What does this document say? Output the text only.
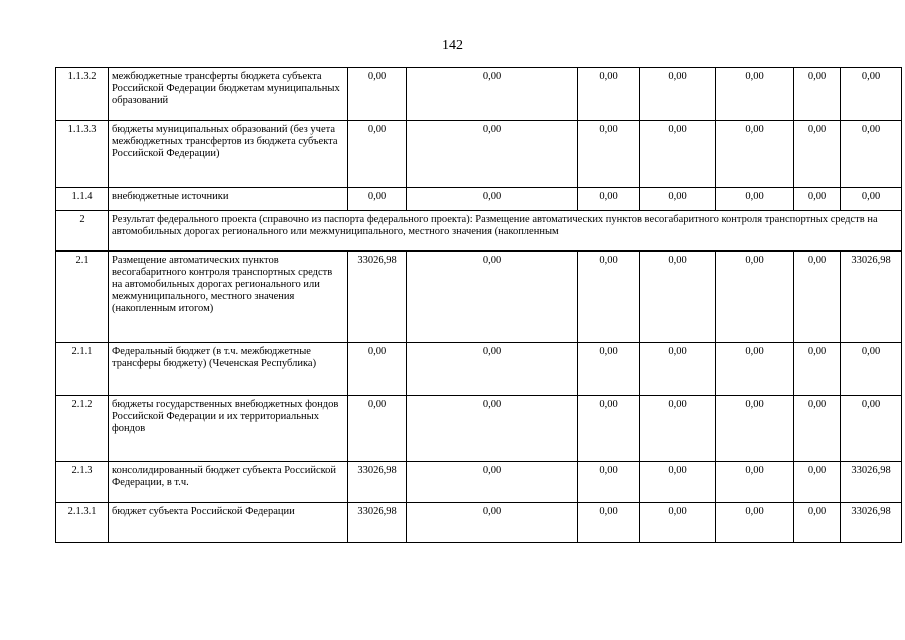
142
1.1.3.2	межбюджетные трансферты бюджета субъекта Российской Федерации бюджетам муниципальных образований	0,00	0,00	0,00	0,00	0,00	0,00	0,00
1.1.3.3	бюджеты муниципальных образований (без учета межбюджетных трансфертов из бюджета субъекта Российской Федерации)	0,00	0,00	0,00	0,00	0,00	0,00	0,00
1.1.4	внебюджетные источники	0,00	0,00	0,00	0,00	0,00	0,00	0,00
2	Результат федерального проекта (справочно из паспорта федерального проекта): Размещение автоматических пунктов весогабаритного контроля транспортных средств на автомобильных дорогах регионального или межмуниципального, местного значения (накопленным							
2.1	Размещение автоматических пунктов весогабаритного контроля транспортных средств на автомобильных дорогах регионального или межмуниципального, местного значения (накопленным итогом)	33026,98	0,00	0,00	0,00	0,00	0,00	33026,98
2.1.1	Федеральный бюджет (в т.ч. межбюджетные трансферы бюджету) (Чеченская Республика)	0,00	0,00	0,00	0,00	0,00	0,00	0,00
2.1.2	бюджеты государственных внебюджетных фондов Российской Федерации и их территориальных фондов	0,00	0,00	0,00	0,00	0,00	0,00	0,00
2.1.3	консолидированный бюджет субъекта Российской Федерации, в т.ч.	33026,98	0,00	0,00	0,00	0,00	0,00	33026,98
2.1.3.1	бюджет субъекта Российской Федерации	33026,98	0,00	0,00	0,00	0,00	0,00	33026,98
